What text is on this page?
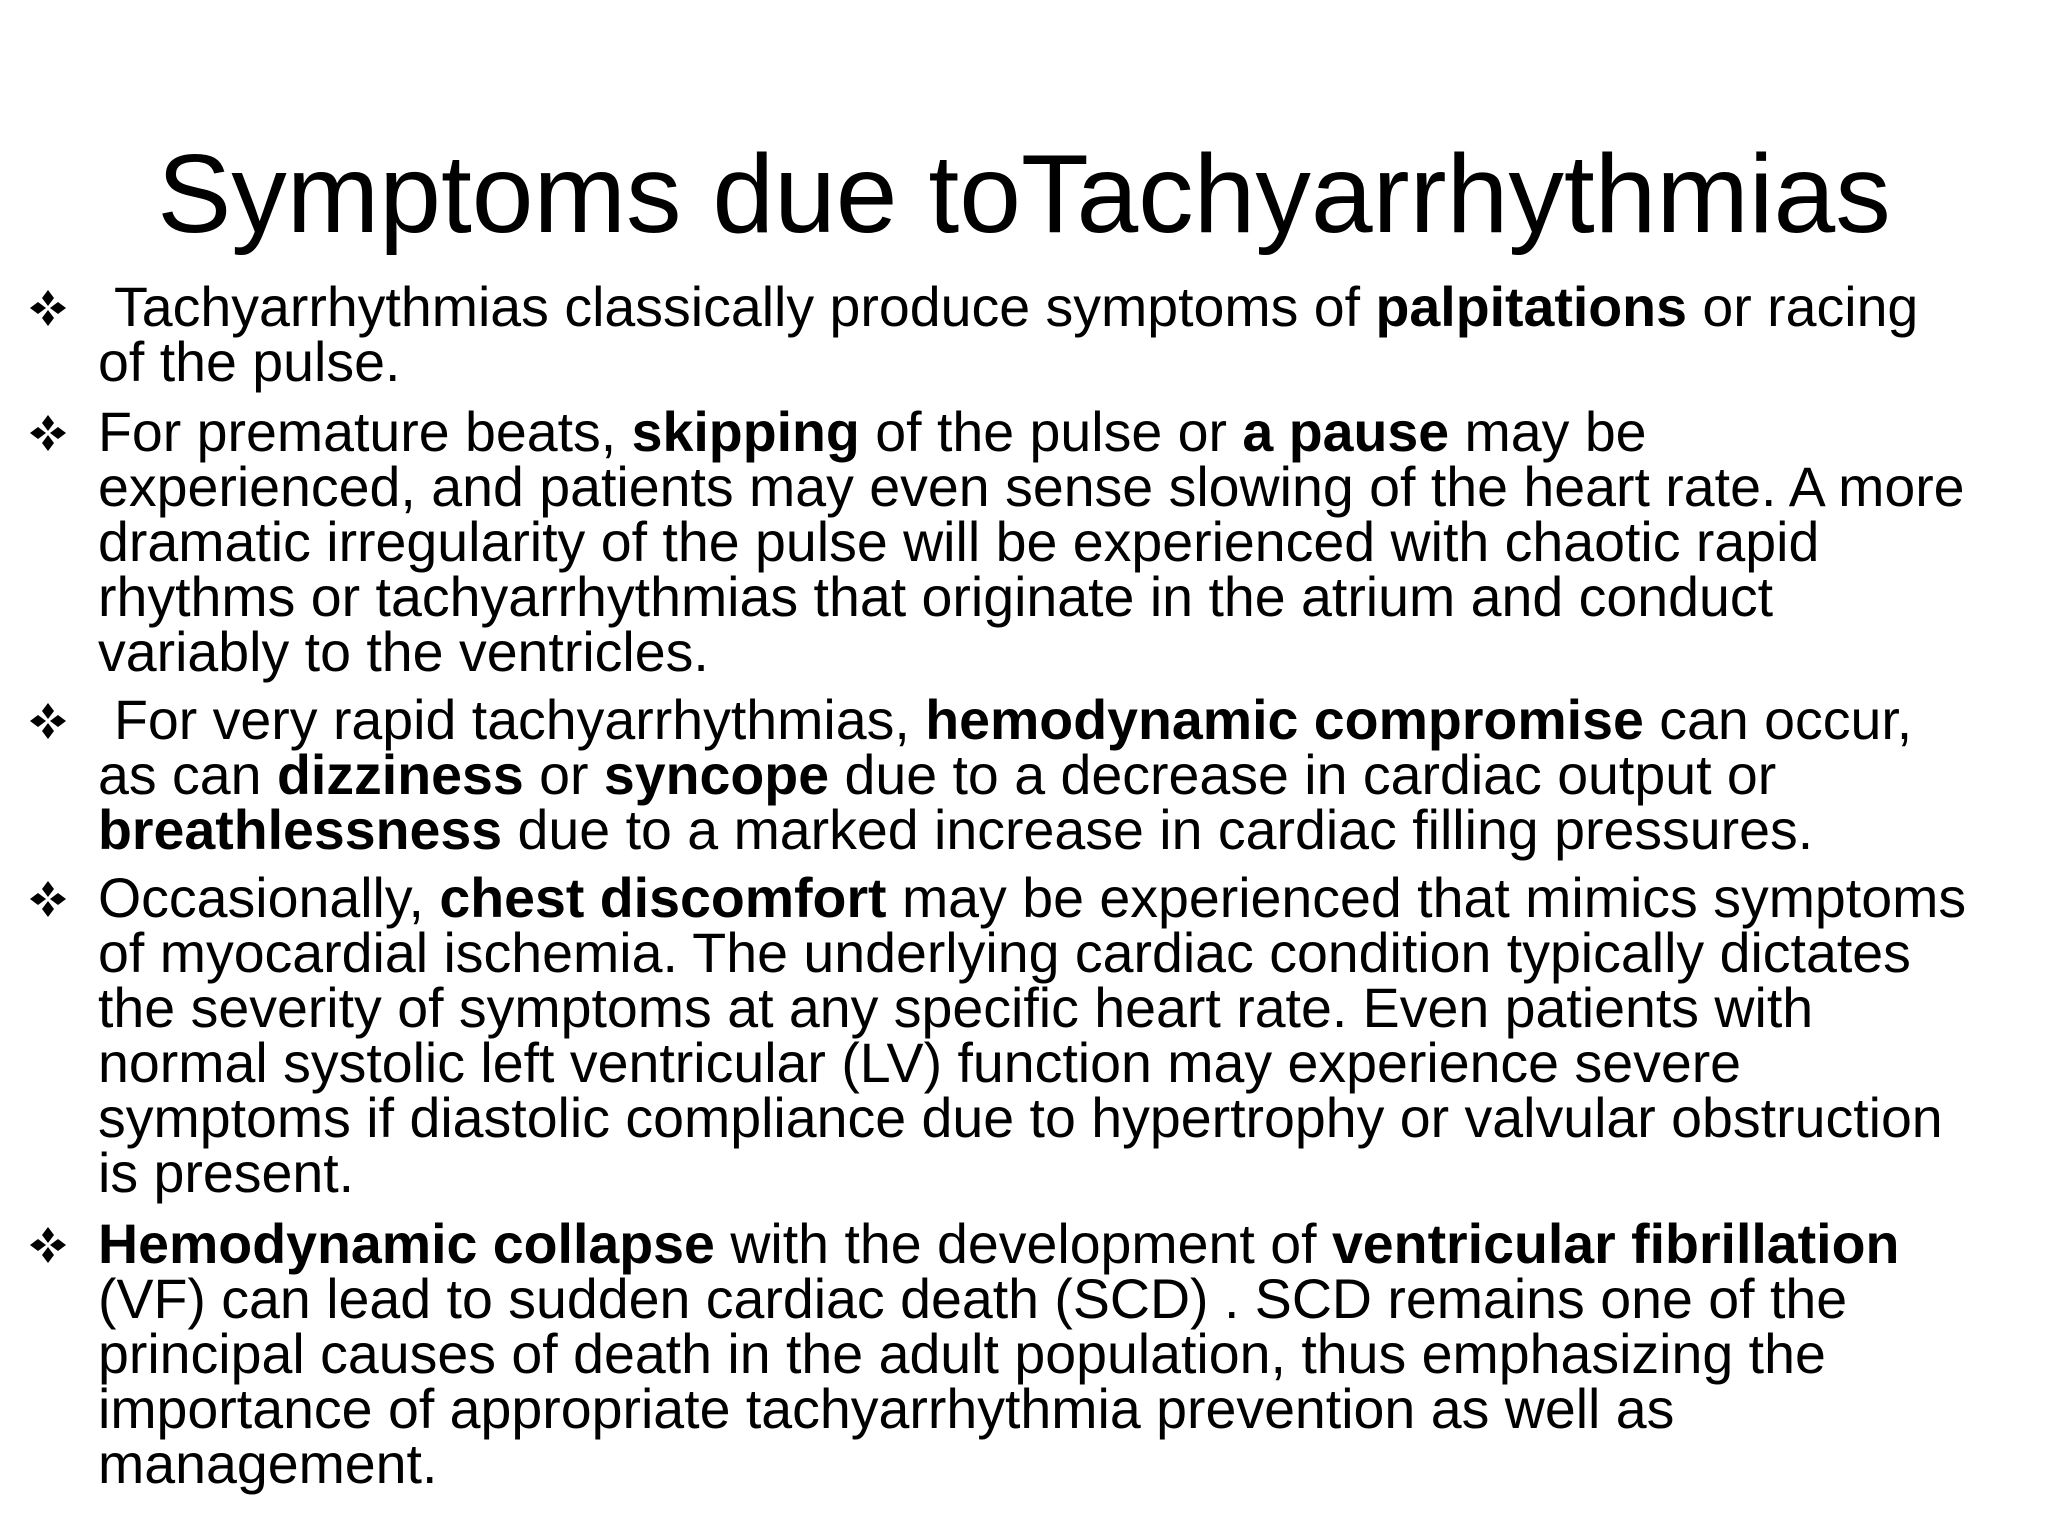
Symptoms due toTachyarrhythmias
Tachyarrhythmias classically produce symptoms of palpitations or racing
of the pulse.
For premature beats, skipping of the pulse or a pause may be
experienced, and patients may even sense slowing of the heart rate. A more
dramatic irregularity of the pulse will be experienced with chaotic rapid
rhythms or tachyarrhythmias that originate in the atrium and conduct
variably to the ventricles.
For very rapid tachyarrhythmias, hemodynamic compromise can occur,
as can dizziness or syncope due to a decrease in cardiac output or
breathlessness due to a marked increase in cardiac filling pressures.
Occasionally, chest discomfort may be experienced that mimics symptoms
of myocardial ischemia. The underlying cardiac condition typically dictates
the severity of symptoms at any specific heart rate. Even patients with
normal systolic left ventricular (LV) function may experience severe
symptoms if diastolic compliance due to hypertrophy or valvular obstruction
is present.
Hemodynamic collapse with the development of ventricular fibrillation
(VF) can lead to sudden cardiac death (SCD) . SCD remains one of the
principal causes of death in the adult population, thus emphasizing the
importance of appropriate tachyarrhythmia prevention as well as
management.
